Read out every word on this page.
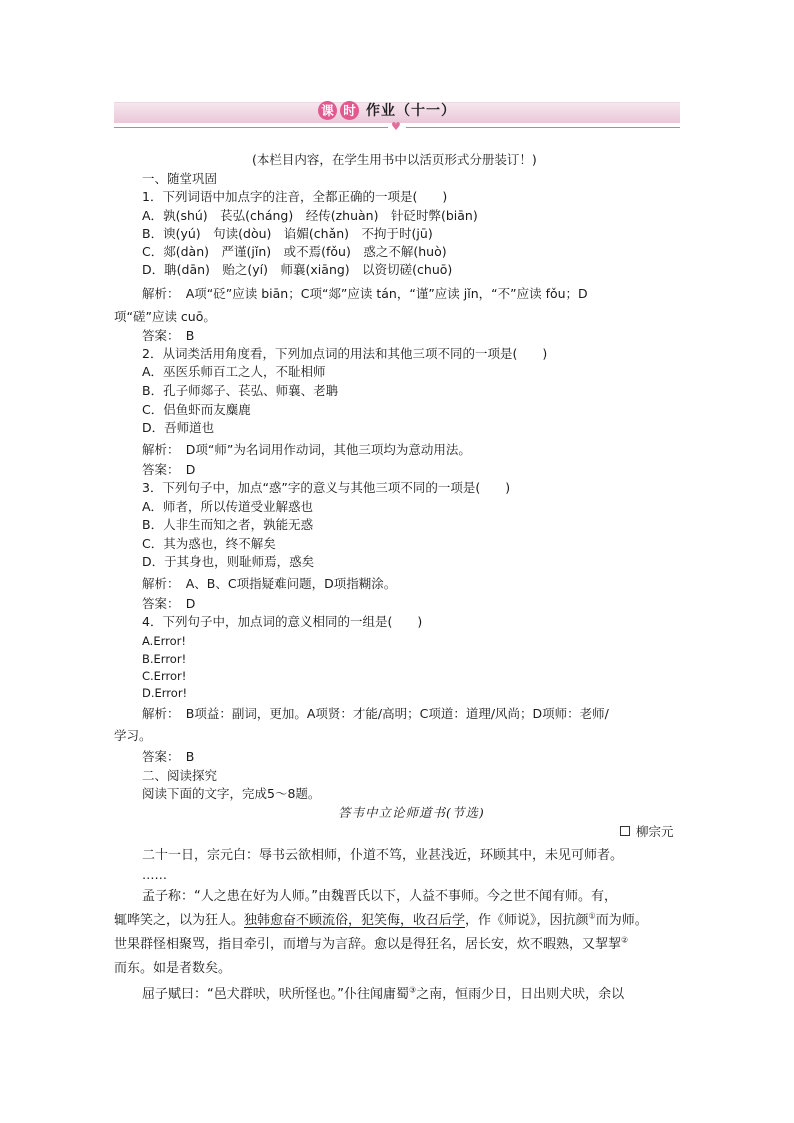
课 时 作业（十一）
♥
(本栏目内容，在学生用书中以活页形式分册装订！)
一、随堂巩固
1．下列词语中加点字的注音，全都正确的一项是(　　)
A．孰(shú)　苌弘(cháng)　经传(zhuàn)　针砭时弊(biān)
B．谀(yú)　句读(dòu)　谄媚(chǎn)　不拘于时(jū)
C．郯(dàn)　严谨(jǐn)　或不焉(fǒu)　惑之不解(huò)
D．聃(dān)　贻之(yí)　师襄(xiāng)　以资切磋(chuō)
解析：　A项“砭”应读 biān；C项“郯”应读 tán，“谨”应读 jǐn，“不”应读 fǒu；D
项“磋”应读 cuō。
答案：　B
2．从词类活用角度看，下列加点词的用法和其他三项不同的一项是(　　)
A．巫医乐师百工之人，不耻相师
B．孔子师郯子、苌弘、师襄、老聃
C．侣鱼虾而友麋鹿
D．吾师道也
解析：　D项“师”为名词用作动词，其他三项均为意动用法。
答案：　D
3．下列句子中，加点“惑”字的意义与其他三项不同的一项是(　　)
A．师者，所以传道受业解惑也
B．人非生而知之者，孰能无惑
C．其为惑也，终不解矣
D．于其身也，则耻师焉，惑矣
解析：　A、B、C项指疑难问题，D项指糊涂。
答案：　D
4．下列句子中，加点词的意义相同的一组是(　　)
A.Error!
B.Error!
C.Error!
D.Error!
解析：　B项益：副词，更加。A项贤：才能/高明；C项道：道理/风尚；D项师：老师/
学习。
答案：　B
二、阅读探究
阅读下面的文字，完成5～8题。
答韦中立论师道书(节选)
柳宗元
二十一日，宗元白：辱书云欲相师，仆道不笃，业甚浅近，环顾其中，未见可师者。
……
孟子称：“人之患在好为人师。”由魏晋氏以下，人益不事师。今之世不闻有师。有，
辄哗笑之，以为狂人。独韩愈奋不顾流俗，犯笑侮，收召后学，作《师说》，因抗颜①而为师。
世果群怪相聚骂，指目牵引，而增与为言辞。愈以是得狂名，居长安，炊不暇熟，又挈挈②
而东。如是者数矣。
屈子赋曰：“邑犬群吠，吠所怪也。”仆往闻庸蜀③之南，恒雨少日，日出则犬吠，余以
